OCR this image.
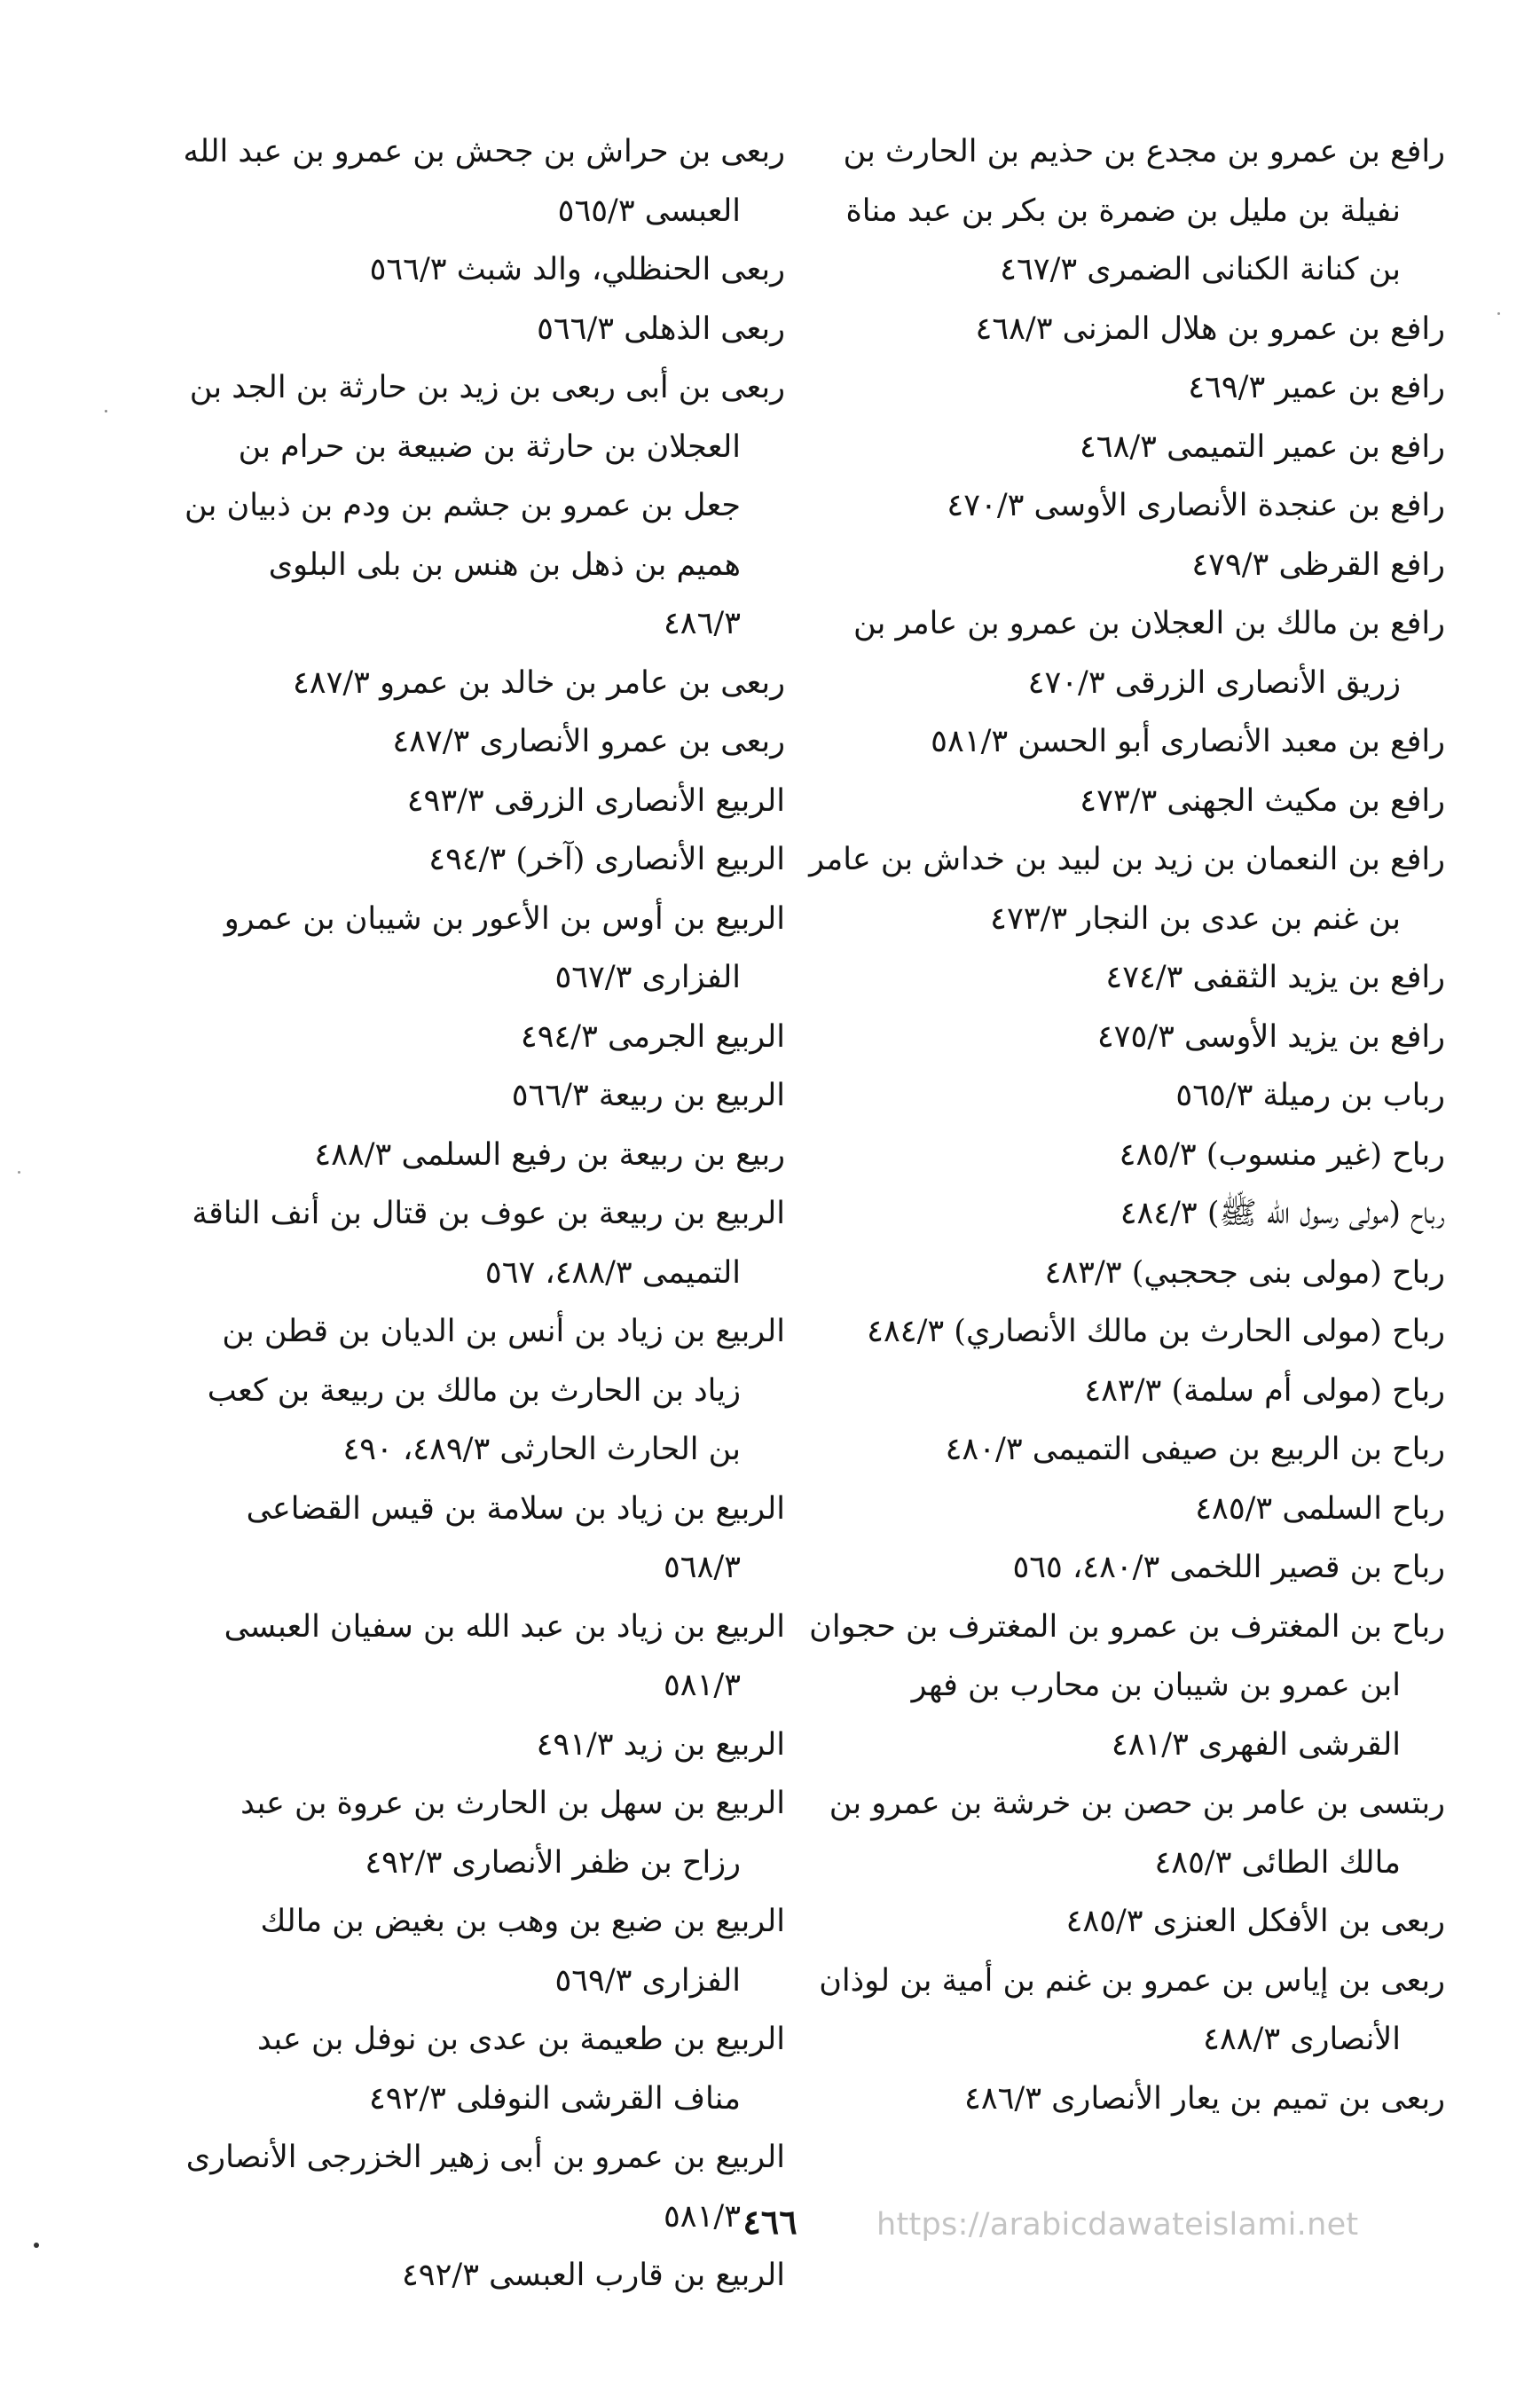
رافع بن عمرو بن مجدع بن حذيم بن الحارث بن نفيلة بن مليل بن ضمرة بن بكر بن عبد مناة بن كنانة الكنانى الضمرى ٤٦٧/٣
رافع بن عمرو بن هلال المزنى ٤٦٨/٣
رافع بن عمير ٤٦٩/٣
رافع بن عمير التميمى ٤٦٨/٣
رافع بن عنجدة الأنصارى الأوسى ٤٧٠/٣
رافع القرظى ٤٧٩/٣
رافع بن مالك بن العجلان بن عمرو بن عامر بن زريق الأنصارى الزرقى ٤٧٠/٣
رافع بن معبد الأنصارى أبو الحسن ٥٨١/٣
رافع بن مكيث الجهنى ٤٧٣/٣
رافع بن النعمان بن زيد بن لبيد بن خداش بن عامر بن غنم بن عدى بن النجار ٤٧٣/٣
رافع بن يزيد الثقفى ٤٧٤/٣
رافع بن يزيد الأوسى ٤٧٥/٣
رباب بن رميلة ٥٦٥/٣
رباح (غير منسوب) ٤٨٥/٣
رباح (مولى رسول الله ﷺ) ٤٨٤/٣
رباح (مولى بنى جحجبي) ٤٨٣/٣
رباح (مولى الحارث بن مالك الأنصاري) ٤٨٤/٣
رباح (مولى أم سلمة) ٤٨٣/٣
رباح بن الربيع بن صيفى التميمى ٤٨٠/٣
رباح السلمى ٤٨٥/٣
رباح بن قصير اللخمى ٤٨٠/٣، ٥٦٥
رباح بن المغترف بن عمرو بن المغترف بن حجوان ابن عمرو بن شيبان بن محارب بن فهر القرشى الفهرى ٤٨١/٣
ربتسى بن عامر بن حصن بن خرشة بن عمرو بن مالك الطائى ٤٨٥/٣
ربعى بن الأفكل العنزى ٤٨٥/٣
ربعى بن إياس بن عمرو بن غنم بن أمية بن لوذان الأنصارى ٤٨٨/٣
ربعى بن تميم بن يعار الأنصارى ٤٨٦/٣
ربعى بن حراش بن جحش بن عمرو بن عبد الله العبسى ٥٦٥/٣
ربعى الحنظلي، والد شبث ٥٦٦/٣
ربعى الذهلى ٥٦٦/٣
ربعى بن أبى ربعى بن زيد بن حارثة بن الجد بن العجلان بن حارثة بن ضبيعة بن حرام بن جعل بن عمرو بن جشم بن ودم بن ذبيان بن هميم بن ذهل بن هنس بن بلى البلوى ٤٨٦/٣
ربعى بن عامر بن خالد بن عمرو ٤٨٧/٣
ربعى بن عمرو الأنصارى ٤٨٧/٣
الربيع الأنصارى الزرقى ٤٩٣/٣
الربيع الأنصارى (آخر) ٤٩٤/٣
الربيع بن أوس بن الأعور بن شيبان بن عمرو الفزارى ٥٦٧/٣
الربيع الجرمى ٤٩٤/٣
الربيع بن ربيعة ٥٦٦/٣
ربيع بن ربيعة بن رفيع السلمى ٤٨٨/٣
الربيع بن ربيعة بن عوف بن قتال بن أنف الناقة التميمى ٤٨٨/٣، ٥٦٧
الربيع بن زياد بن أنس بن الديان بن قطن بن زياد بن الحارث بن مالك بن ربيعة بن كعب بن الحارث الحارثى ٤٨٩/٣، ٤٩٠
الربيع بن زياد بن سلامة بن قيس القضاعى ٥٦٨/٣
الربيع بن زياد بن عبد الله بن سفيان العبسى ٥٨١/٣
الربيع بن زيد ٤٩١/٣
الربيع بن سهل بن الحارث بن عروة بن عبد رزاح بن ظفر الأنصارى ٤٩٢/٣
الربيع بن ضبع بن وهب بن بغيض بن مالك الفزارى ٥٦٩/٣
الربيع بن طعيمة بن عدى بن نوفل بن عبد مناف القرشى النوفلى ٤٩٢/٣
الربيع بن عمرو بن أبى زهير الخزرجى الأنصارى ٥٨١/٣
الربيع بن قارب العبسى ٤٩٢/٣
٤٦٦	https://arabicdawateislami.net
